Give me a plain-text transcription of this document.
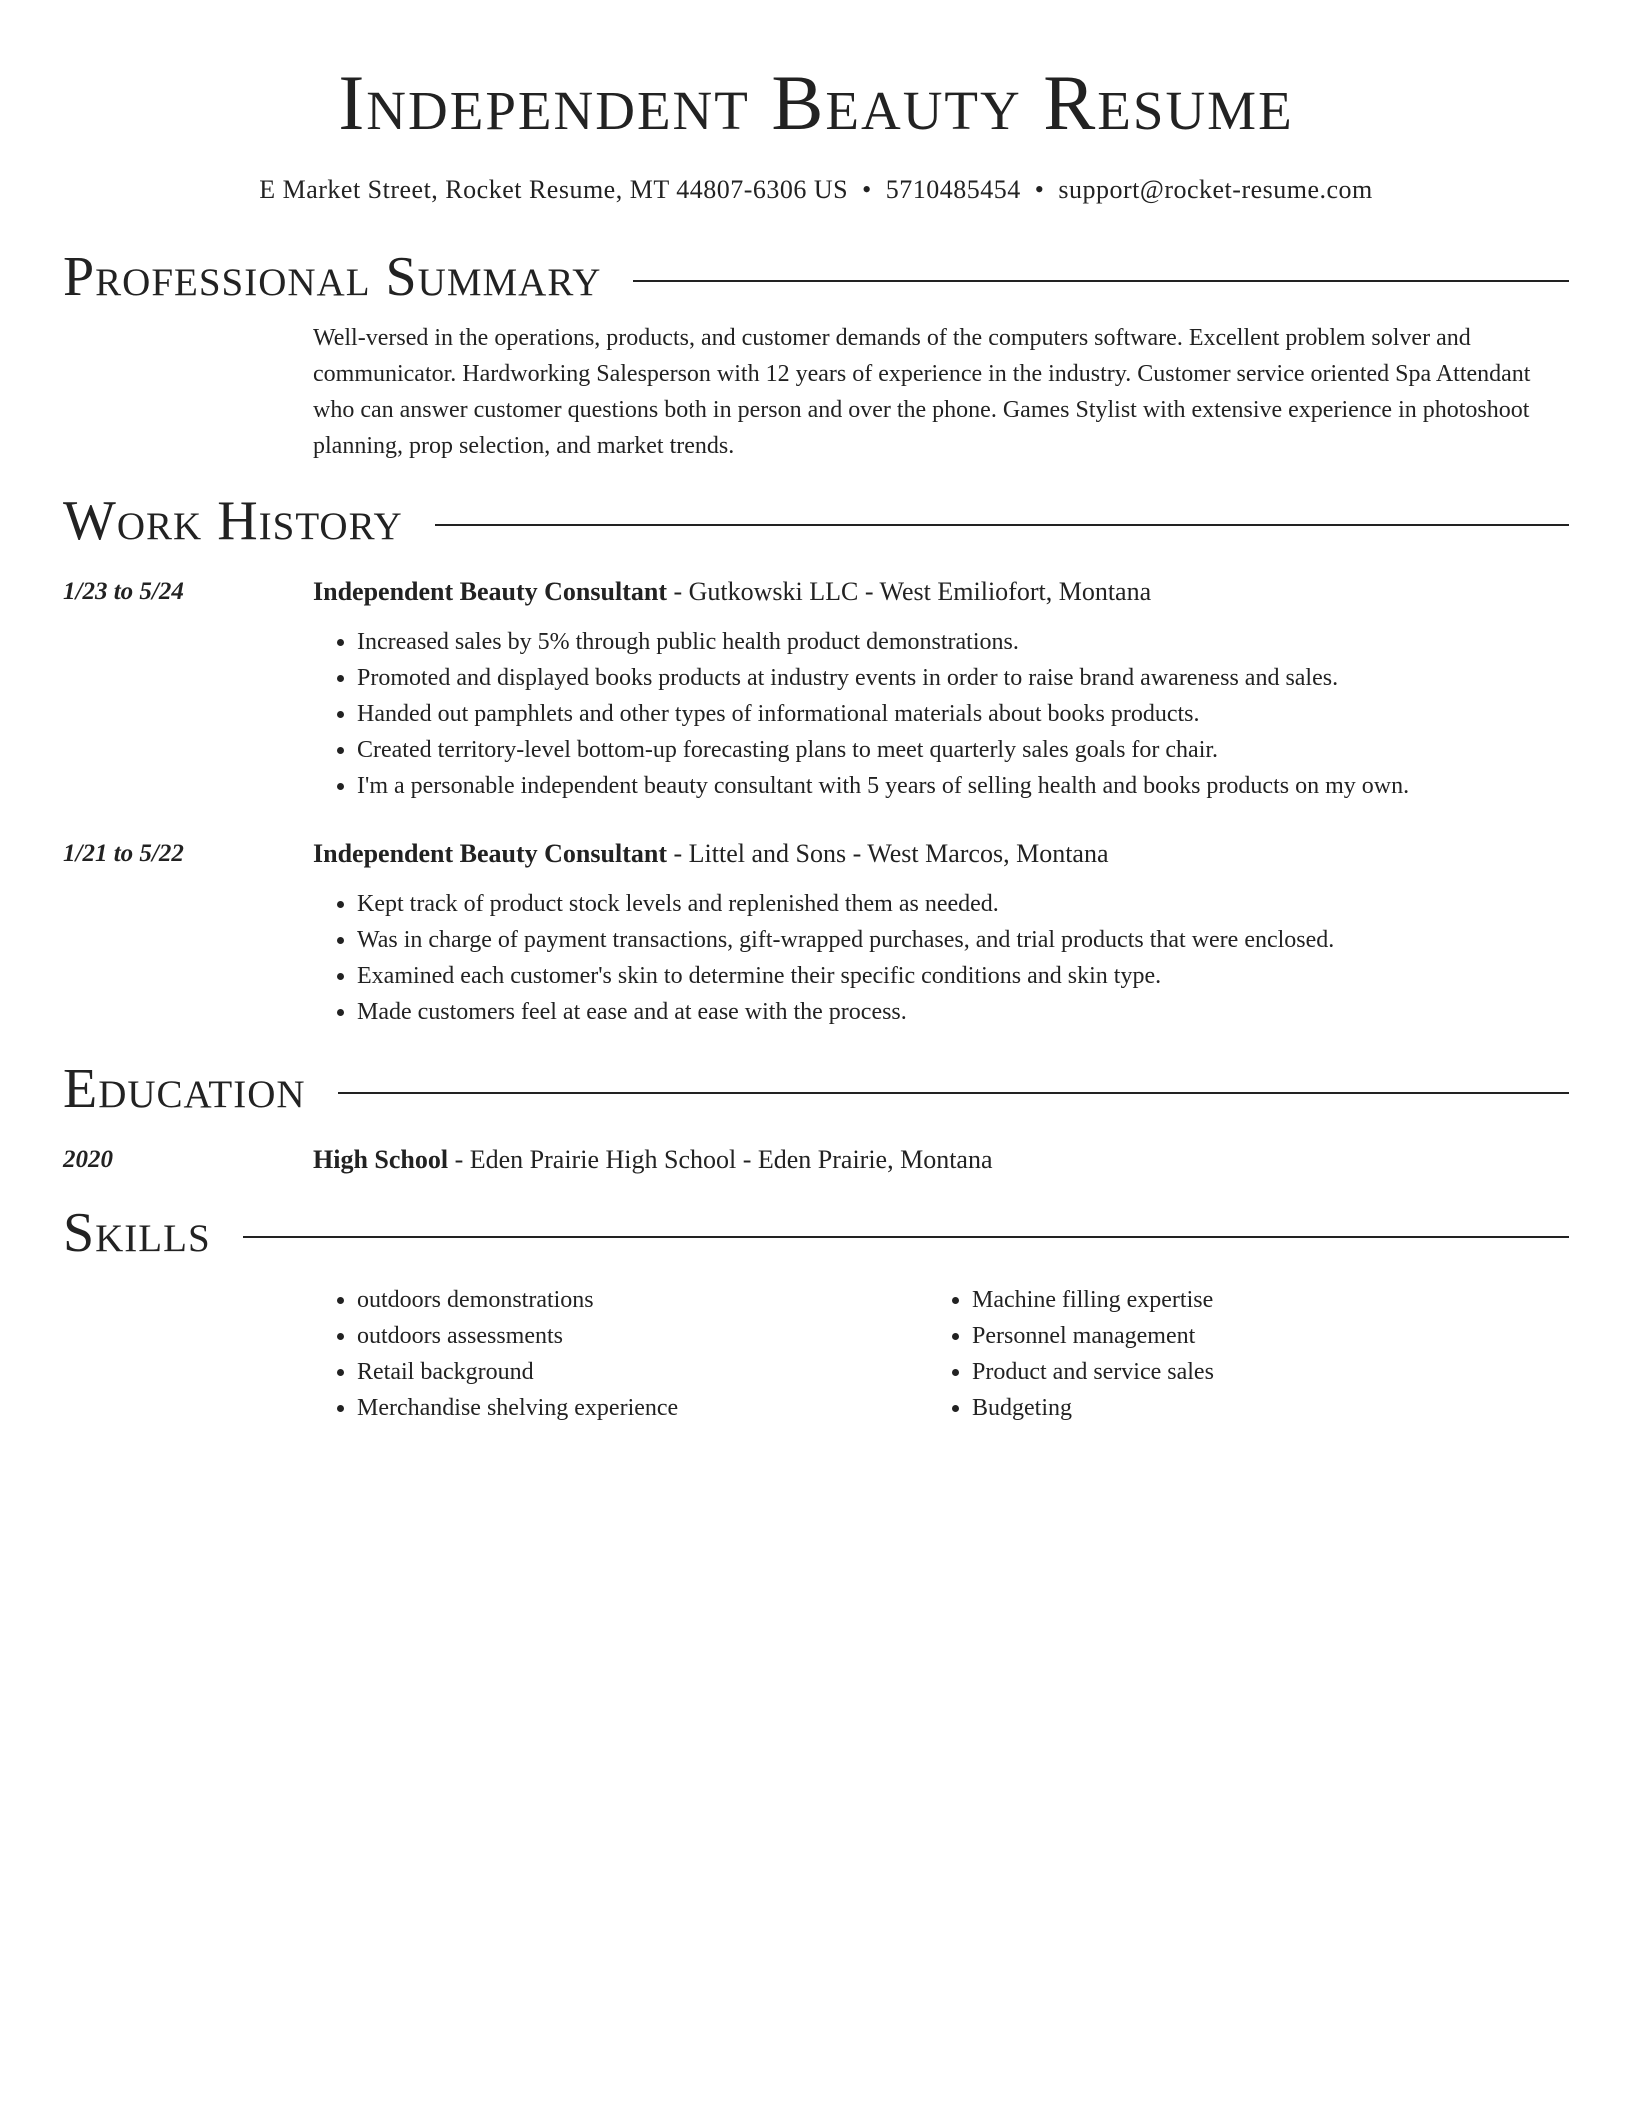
Independent Beauty Resume
E Market Street, Rocket Resume, MT 44807-6306 US • 5710485454 • support@rocket-resume.com
Professional Summary
Well-versed in the operations, products, and customer demands of the computers software. Excellent problem solver and communicator. Hardworking Salesperson with 12 years of experience in the industry. Customer service oriented Spa Attendant who can answer customer questions both in person and over the phone. Games Stylist with extensive experience in photoshoot planning, prop selection, and market trends.
Work History
1/23 to 5/24	Independent Beauty Consultant - Gutkowski LLC - West Emiliofort, Montana
• Increased sales by 5% through public health product demonstrations.
• Promoted and displayed books products at industry events in order to raise brand awareness and sales.
• Handed out pamphlets and other types of informational materials about books products.
• Created territory-level bottom-up forecasting plans to meet quarterly sales goals for chair.
• I'm a personable independent beauty consultant with 5 years of selling health and books products on my own.
1/21 to 5/22	Independent Beauty Consultant - Littel and Sons - West Marcos, Montana
• Kept track of product stock levels and replenished them as needed.
• Was in charge of payment transactions, gift-wrapped purchases, and trial products that were enclosed.
• Examined each customer's skin to determine their specific conditions and skin type.
• Made customers feel at ease and at ease with the process.
Education
2020	High School - Eden Prairie High School - Eden Prairie, Montana
Skills
• outdoors demonstrations
• outdoors assessments
• Retail background
• Merchandise shelving experience
• Machine filling expertise
• Personnel management
• Product and service sales
• Budgeting
